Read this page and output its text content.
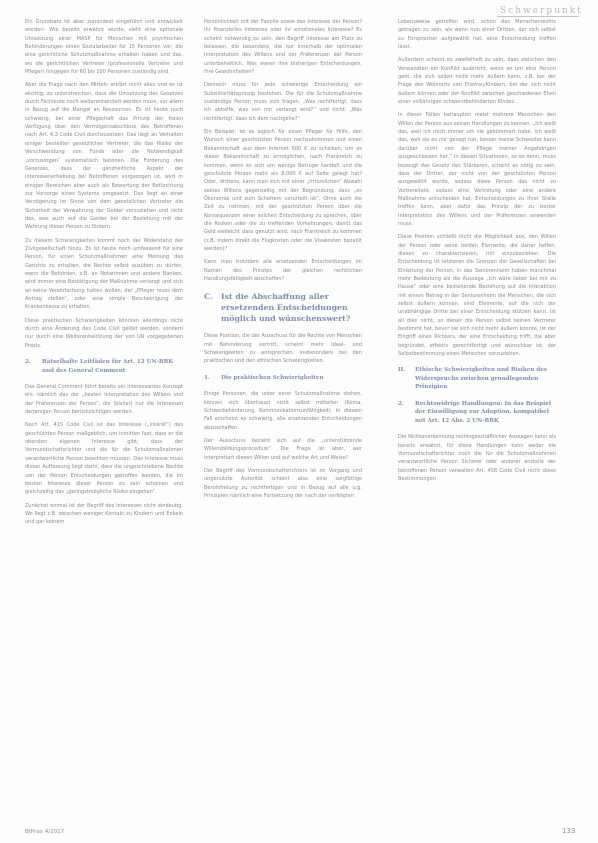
Schwerpunkt

Ein Grundsatz ist aber zumindest eingeführt und entwickelt worden: Wie bereits erwähnt wurde, sieht eine optionale Umsetzung einer MASP für Menschen mit psychischen Behinderungen einen Sozialarbeiter für 15 Personen vor; die eine gerichtliche Schutzmaßnahme erhalten haben und das, wo die gerichtlichen Vertreter (professionelle Vertreter und Pfleger) hingegen für 60 bis 100 Personen zuständig sind.

Aber die Frage nach den Mitteln erklärt nicht alles und es ist wichtig, zu unterstreichen, dass die Umsetzung des Gesetzes durch Fachleute noch weiterentwickelt werden muss, vor allem in Bezug auf die Mangel an Ressourcen. Es ist heute noch schwierig, bei einer Pflegschaft das Prinzip der freien Verfügung über den Vermögensabschluss des Betroffenen nach Art. 4.3 Code Civil durchzusetzen. Das liegt an Verhalten einiger bestellter gesetzlicher Vertreter, die das Risiko der Verschwendung von Fonds oder die Notwendigkeit „vorzusorgen“ systematisch betonen. Die Forderung des Gesetzes, dass der ganzheitliche Aspekt der Interessenerhebung bei Betroffenen vorgezogen ist, wird in einigen Bereichen aber auch als Bewertung der Befürchtung zur Vorsorge eines Systems umgesetzt. Das liegt an einer Verzögerung im Sinne von dem gesetzlichen Vertreter die Sicherheit der Verwahrung der Gelder vorzuziehen und nicht das, was auch auf die Gelder bei der Beziehung mit der Wahrung dieser Person zu fördern.

Zu diesem Schwierigkeiten kommt noch der Widerstand der Zivilgesellschaft hinzu. Es ist heute noch umfassend für eine Person, für einen Schutzmaßnahmen eine Meinung des Gerichts zu erhalten, die Rechte selbst ausüben zu dürfen, wenn die Behörden, z.B. an Notarinnen und andere Banken, wird immer eine Bestätigung der Maßnahme verlangt und sich an keine Vereinfachung halten wollen, der „Pfleger muss dem Antrag stellen“, oder eine simple Bescheinigung der Krankenkasse zu erhalten.

Diese praktischen Schwierigkeiten könnten allerdings nicht durch eine Änderung des Code Civil gelöst werden, sondern nur durch eine Weiterentwicklung der von UN vorgegebenen Praxis.

2.	Rätselhafte Leitfäden für Art. 12 UN-BRK und des General Comment

Das General Comment führt bereits ein interessantes Konzept ein, nämlich das der „besten Interpretation des Willens und der Präferenzen der Person“, die (bisher) nur die Interessen derjenigen Person berücksichtigen werden.

Nach Art. 415 Code Civil ist das Interesse („intérêt“) des geschützten Person maßgeblich, um inmitten fast, dass er die obersten eigenen Interesse gibt, dass der Vormundschaftsrichter und die für die Schutzmaßnahmen verantwortliche Person beachten müssen. Das Interesse muss dieser Auffassung liegt darin, dass die ungeschriebene Rechte von der Person Entscheidungen getroffen werden, die im besten Interesse dieser Person zu sein scheinen und gleichzeitig das „geringstmögliche Risiko eingehen“.

Zunächst einmal ist der Begriff des Interesses nicht eindeutig. Wo liegt z.B. zwischen weniger Kontakt zu Kindern und Enkeln und gar keinem

Persönlichkeit mit der Familie sowie das Interesse der Person? Ihr finanzielles Interesse oder ihr emotionales Interesse? Es scheint notwendig zu sein, den Begriff Interesse am Platz zu belassen, die besondere, die nur innerhalb der optimalen Interpretation des Willens und der Präferenzen der Person unterbehaltlich. Was waren ihre bisherigen Entscheidungen, ihre Gewohnheiten?

Dennoch muss für jede schwierige Entscheidung ein Subsidiaritätsprinzip bestehen. Die für die Schutzmaßnahme zuständige Person muss sich fragen: „Was rechtfertigt, dass ich abhelfe, was von mir verlangt wird?“ und nicht: „Was rechtfertigt, dass ich dem nachgehe?“

Ein Beispiel: Ist es logisch für einen Pfleger für Hilfe, den Wunsch einer geschützten Person nachzukommen und einen Bekanntschaft aus dem Internet 500 € zu schicken, um es dieser Bekanntschaft zu ermöglichen, nach Frankreich zu kommen, wenn es sich um wenige Betrüge handelt und die geschützte Person mehr als 8.000 € auf Seite gelegt hat? Oder, drittens, kann man sich mit einer „Irrtümlichen“ Abwahl seines Willens gegenseitig mit der Begründung, dass „es Ökonomie und zum Scheitern verurteilt ist“. Ohne auch die Zeit zu nehmen, mit der geschützten Person über die Konsequenzen einer solchen Entscheidung zu sprechen, über die Risiken oder die zu treffenden Vorkehrungen, damit das Geld vielleicht dass genutzt wird, nach Frankreich zu kommen (z.B. indem direkt die Flugkosten oder die Visakosten bezahlt werden)?

Kann man trotzdem alle ersetzenden Entscheidungen im Namen des Prinzips der gleichen rechtlichen Handlungsfähigkeit abschaffen?

C.	Ist die Abschaffung aller ersetzenden Entscheidungen möglich und wünschenswert?

Diese Position, die der Ausschuss für die Rechte von Menschen mit Behinderung vertritt, scheint mehr Ideal- und Schwierigkeiten zu entsprechen, insbesondere bei den praktischen und den ethischen Schwierigkeiten.

1.	Die praktischen Schwierigkeiten

Einige Personen, die unter einer Schutzmaßnahme stehen, können sich überhaupt nicht selbst mitteilen (Koma, Schwerbehinderung, Kommunikationsunfähigkeit). In diesem Fall erscheint es schwierig, alle ersetzenden Entscheidungen abzuschaffen.

Der Ausschuss bezieht sich auf die „unterstützende Willensbildungsprocedure“. Die Frage ist aber, wer interpretiert diesen Willen und auf welche Art und Weise?

Der Begriff des Vormundschaftsrichters ist im Vorgang und ungenutzte Autorität scheint also eine sorgfältige Berufsfreiung zu rechtfertigen und in Bezug auf alle u.g. Prinzipien nämlich eine Fortsetzung der nach der verfolgten

Lebensweise getroffen wird, schon das Menschenrechts getragen zu sein, als wenn nun einer Dritten, der sich selbst zu Fürsprecher aufgewählt hat, eine Entscheidung treffen lässt.

Außerdem scheint es zweifelhaft zu sein, dass zwischen den Verwandten ein Konflikt ausbricht, wenn es um eine Person geht, die sich selbst nicht mehr äußern kann, z.B. bei der Frage des Wohnorts von Ehefrau/Kindern, bei der sich nicht äußern können oder der Konflikt zwischen geschiedenen Ehen einer volljährigen schwerstbehinderten Kindes...

In dieser Fällen behaupten meist mehrere Menschen den Willen der Person aus seinen Handlungen zu kennen. „Ich weiß das, weil ich mich immer um sie gekümmert habe, ich weiß das, weil sie es mir gesagt hat, besser meine Schwester kann darüber nicht von der Pflege meiner Angehörigen ausgeschlossen hat.“ In diesen Situationen, so es denn, muss bezeugt das Gesetz des Stärkeren, scheint es nötig zu sein, dass der Dritter, der nicht von der geschützten Person ausgewählt wurde, sodass diese Person das nicht zu Vorbereitete, sodass eine Vertretung oder eine andere Maßnahme entscheiden hat. Entscheidungen zu ihrer Stelle treffen kann, aber dafür das Prinzip der zu bester Interpretation des Willens und der Präferenzen anwenden muss.

Diese Position schließt nicht die Möglichkeit aus, den Willen der Person oder seine beiden Elemente, die daher helfen, diesen zu charakterisieren, mit einzubeziehen. Die Entscheidung ist letzteren die Grenzen der Gesellschaften bei Einleitung der Person, in das Seniorenheim haben manchmal mehr Bedeutung als die Aussage „Ich wäre lieber bei mir zu Hause“ oder eine bestehende Beziehung auf die Interaktion mit einem Betrag in der Seniorenheim die Menschen, die sich selbst äußern können, sind Elemente, auf die sich der unabhängige Dritte bei einer Entscheidung stützen kann. Ist all dies nicht, so dieser die Person selbst keinen Vertreter bestimmt hat, bevor sie sich nicht mehr äußern konnte, ist der Eingriff eines Richters, der eine Entscheidung trifft, die aber begründet, effektiv gerechtfertigt und wünschbar ist, der Selbstbestimmung eines Menschen vorzuziehen.

II.	Ethische Schwierigkeiten und Risiken des Widerspruchs zwischen grundlegenden Prinzipien
2.	Rechtswidrige Handlungen: In das Beispiel der Einwilligung zur Adoption, kompatibel mit Art. 12 Abs. 2 UN-BRK

Die Nichtanerkennung rechtsgeschäftlicher Aussagen kann als bereits erwähnt, für diese Handlungen kann weder die Vormundschaftsrichter noch die für die Schutzmaßnahmen verantwortliche Person Sicherer oder anderer anstelle der betroffenen Person verwalten Art. 458 Code Civil nicht diese Bestimmungen

BtPrax 4/2017	133
